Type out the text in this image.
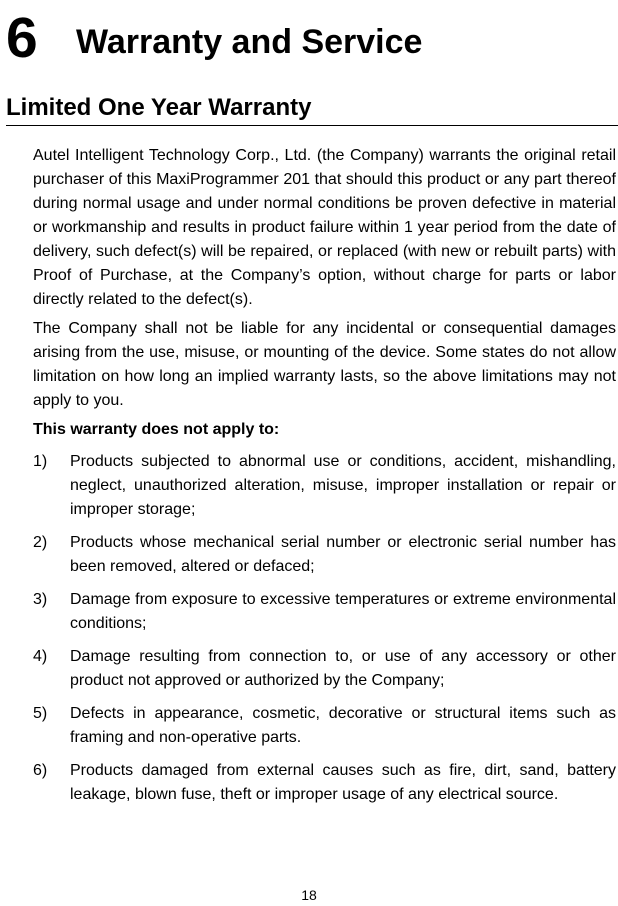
6 Warranty and Service
Limited One Year Warranty

Autel Intelligent Technology Corp., Ltd. (the Company) warrants the original retail purchaser of this MaxiProgrammer 201 that should this product or any part thereof during normal usage and under normal conditions be proven defective in material or workmanship and results in product failure within 1 year period from the date of delivery, such defect(s) will be repaired, or replaced (with new or rebuilt parts) with Proof of Purchase, at the Company’s option, without charge for parts or labor directly related to the defect(s).

The Company shall not be liable for any incidental or consequential damages arising from the use, misuse, or mounting of the device. Some states do not allow limitation on how long an implied warranty lasts, so the above limitations may not apply to you.

This warranty does not apply to:

1)	Products subjected to abnormal use or conditions, accident, mishandling, neglect, unauthorized alteration, misuse, improper installation or repair or improper storage;
2)	Products whose mechanical serial number or electronic serial number has been removed, altered or defaced;
3)	Damage from exposure to excessive temperatures or extreme environmental conditions;
4)	Damage resulting from connection to, or use of any accessory or other product not approved or authorized by the Company;
5)	Defects in appearance, cosmetic, decorative or structural items such as framing and non-operative parts.
6)	Products damaged from external causes such as fire, dirt, sand, battery leakage, blown fuse, theft or improper usage of any electrical source.
18
